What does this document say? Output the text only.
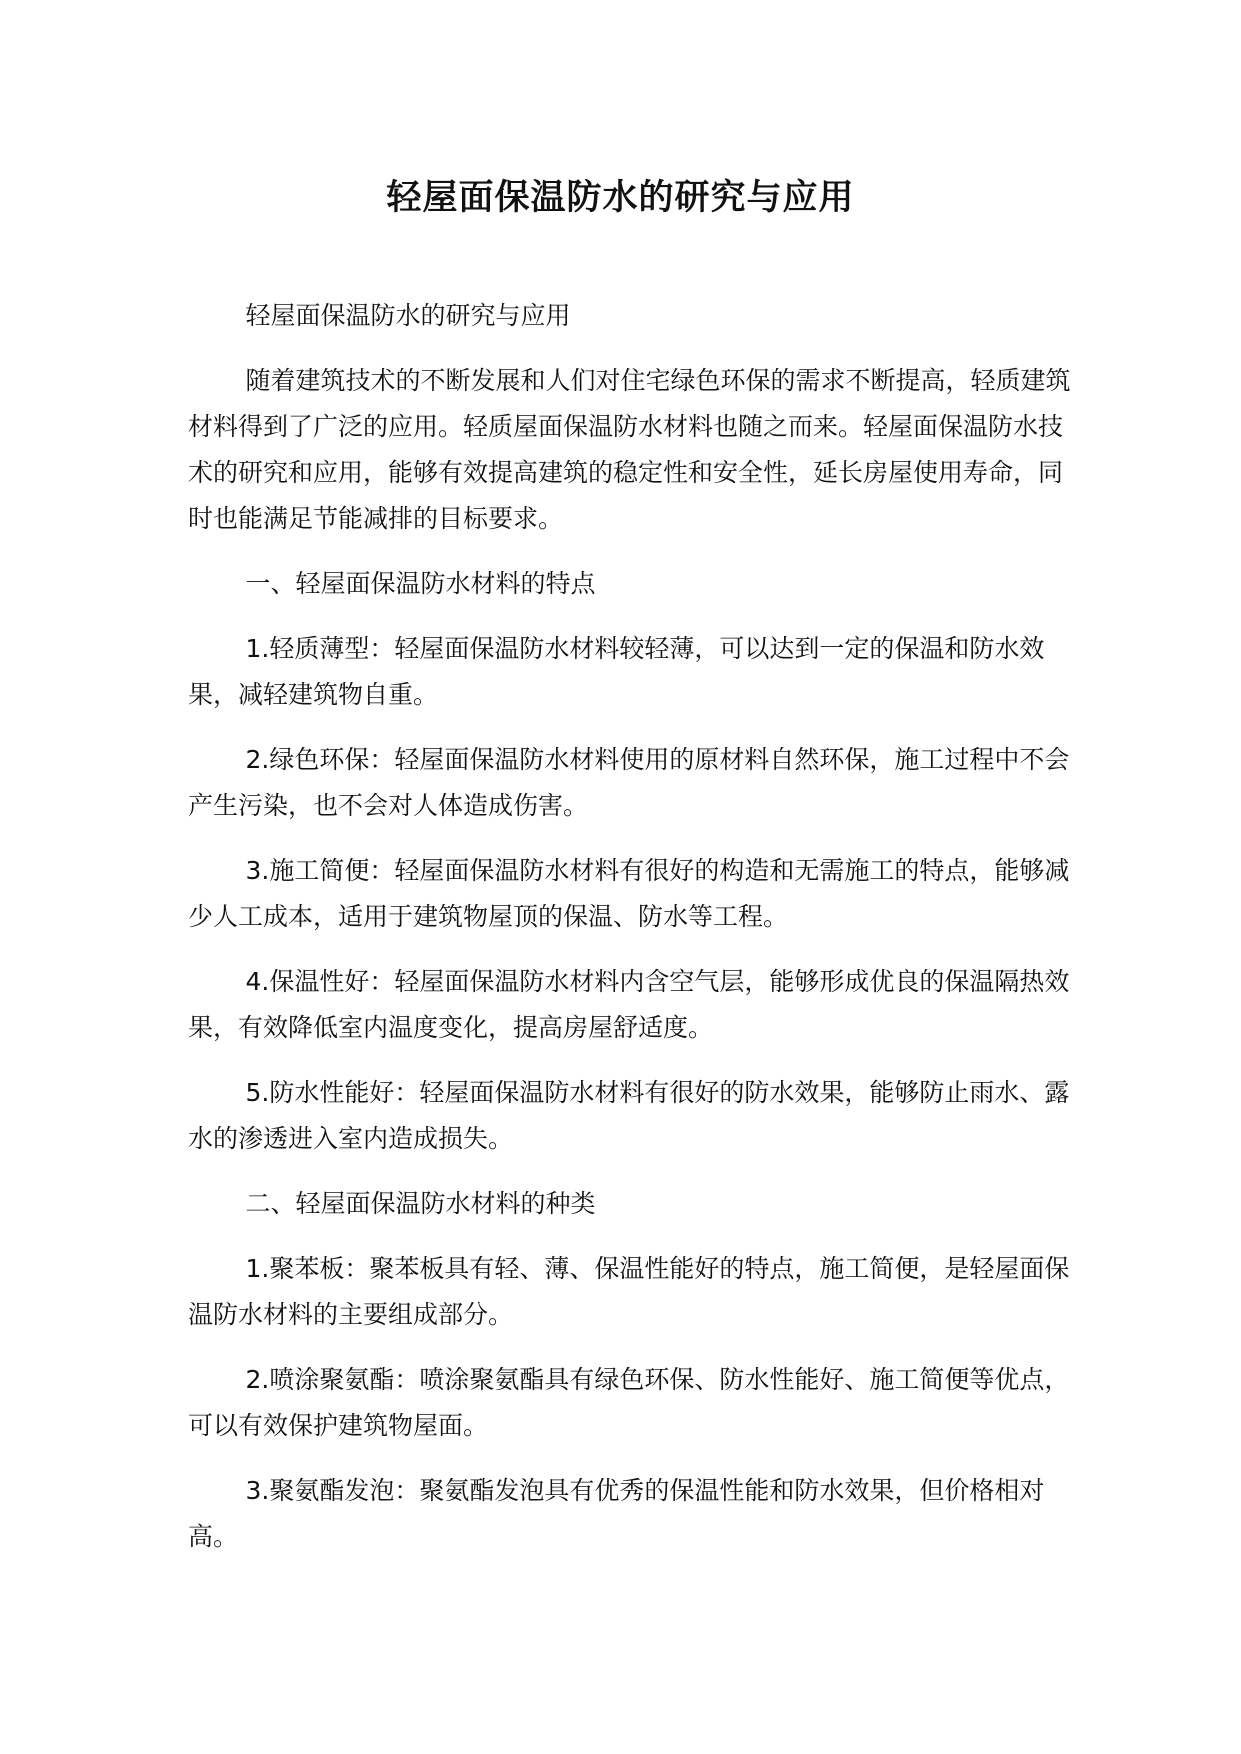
轻屋面保温防水的研究与应用

轻屋面保温防水的研究与应用

随着建筑技术的不断发展和人们对住宅绿色环保的需求不断提高，轻质建筑材料得到了广泛的应用。轻质屋面保温防水材料也随之而来。轻屋面保温防水技术的研究和应用，能够有效提高建筑的稳定性和安全性，延长房屋使用寿命，同时也能满足节能减排的目标要求。

一、轻屋面保温防水材料的特点

1.轻质薄型：轻屋面保温防水材料较轻薄，可以达到一定的保温和防水效果，减轻建筑物自重。

2.绿色环保：轻屋面保温防水材料使用的原材料自然环保，施工过程中不会产生污染，也不会对人体造成伤害。

3.施工简便：轻屋面保温防水材料有很好的构造和无需施工的特点，能够减少人工成本，适用于建筑物屋顶的保温、防水等工程。

4.保温性好：轻屋面保温防水材料内含空气层，能够形成优良的保温隔热效果，有效降低室内温度变化，提高房屋舒适度。

5.防水性能好：轻屋面保温防水材料有很好的防水效果，能够防止雨水、露水的渗透进入室内造成损失。

二、轻屋面保温防水材料的种类

1.聚苯板：聚苯板具有轻、薄、保温性能好的特点，施工简便，是轻屋面保温防水材料的主要组成部分。

2.喷涂聚氨酯：喷涂聚氨酯具有绿色环保、防水性能好、施工简便等优点，可以有效保护建筑物屋面。

3.聚氨酯发泡：聚氨酯发泡具有优秀的保温性能和防水效果，但价格相对高。
